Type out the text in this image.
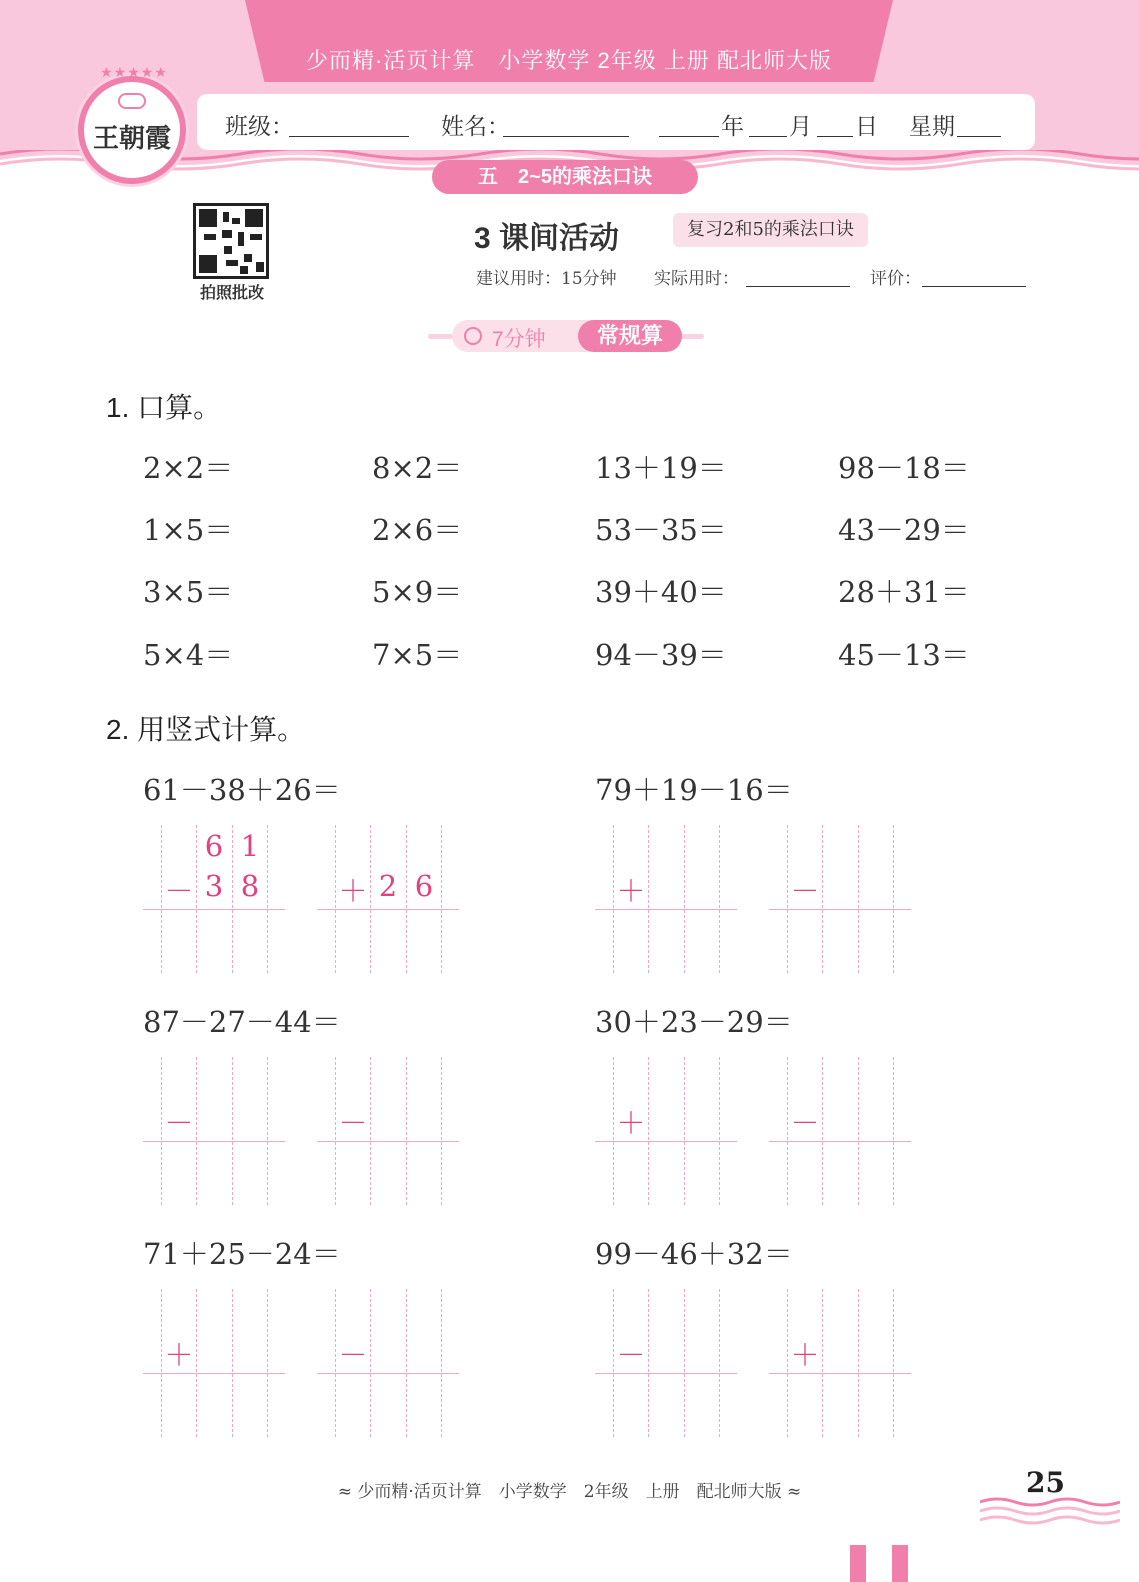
少而精·活页计算　小学数学 2年级 上册 配北师大版
王朝霞
★★★★★
班级：	姓名：	年 月 日 星期
五　2~5的乘法口诀
拍照批改
3 课间活动	复习2和5的乘法口诀
建议用时：15分钟 实际用时：	评价：
7分钟	常规算
1. 口算。
2×2＝	8×2＝	13＋19＝	98－18＝
1×5＝	2×6＝	53－35＝	43－29＝
3×5＝	5×9＝	39＋40＝	28＋31＝
5×4＝	7×5＝	94－39＝	45－13＝
2. 用竖式计算。
61－38＋26＝
－
6 1
3 8	＋ 2 6
79＋19－16＝
＋	－
87－27－44＝
－	－
30＋23－29＝
＋	－
71＋25－24＝
＋	－
99－46＋32＝
－	＋
≈ 少而精·活页计算　小学数学　2年级　上册　配北师大版 ≈	25
